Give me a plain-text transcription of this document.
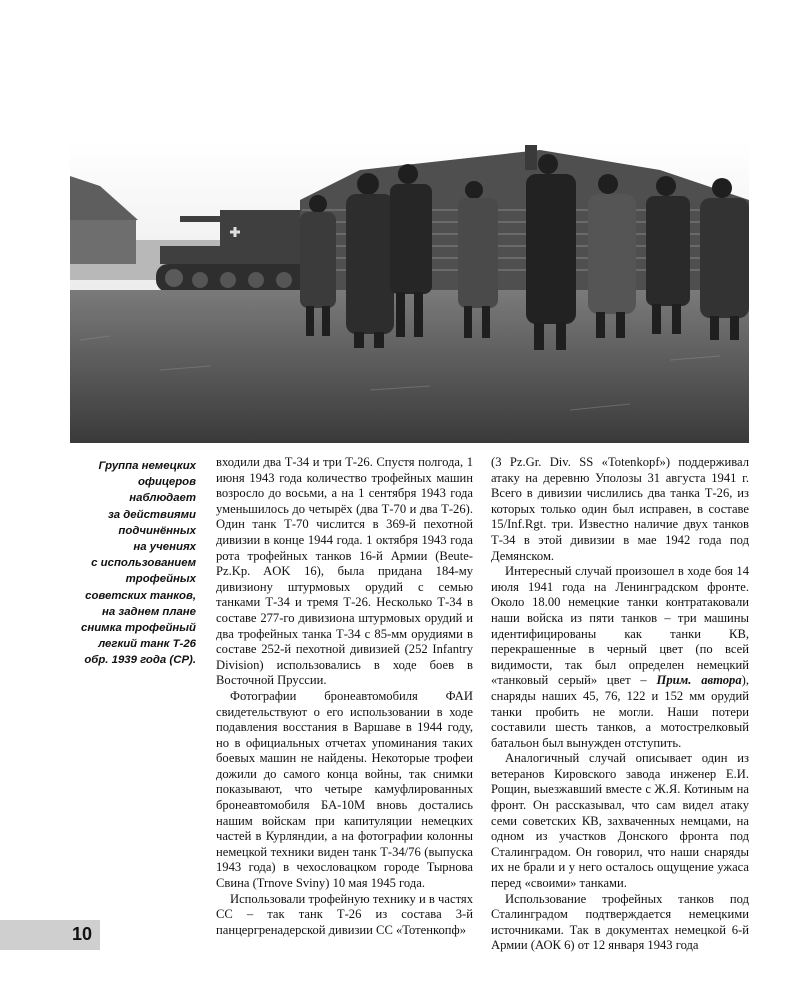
Группа немецких
офицеров
наблюдает
за действиями
подчинённых
на учениях
с использованием
трофейных
советских танков,
на заднем плане
снимка трофейный
легкий танк Т-26
обр. 1939 года (CP).

входили два Т-34 и три Т-26. Спустя полгода, 1 июня 1943 года количество трофейных машин возросло до восьми, а на 1 сентября 1943 года уменьшилось до четырёх (два Т-70 и два Т-26). Один танк Т-70 числится в 369-й пехотной дивизии в конце 1944 года. 1 октября 1943 года рота трофейных танков 16-й Армии (Beute-Pz.Kp. AOK 16), была придана 184-му дивизиону штурмовых орудий с семью танками Т-34 и тремя Т-26. Несколько Т-34 в составе 277-го дивизиона штурмовых орудий и два трофейных танка Т-34 с 85-мм орудиями в составе 252-й пехотной дивизией (252 Infantry Division) использовались в ходе боев в Восточной Пруссии.

Фотографии бронеавтомобиля ФАИ свидетельствуют о его использовании в ходе подавления восстания в Варшаве в 1944 году, но в официальных отчетах упоминания таких боевых машин не найдены. Некоторые трофеи дожили до самого конца войны, так снимки показывают, что четыре камуфлированных бронеавтомобиля БА-10М вновь достались нашим войскам при капитуляции немецких частей в Курляндии, а на фотографии колонны немецкой техники виден танк Т-34/76 (выпуска 1943 года) в чехословацком городе Тырнова Свина (Trnove Sviny) 10 мая 1945 года.

Использовали трофейную технику и в частях СС – так танк Т-26 из состава 3-й панцергренадерской дивизии СС «Тотенкопф»

(3 Pz.Gr. Div. SS «Totenkopf») поддерживал атаку на деревню Уполозы 31 августа 1941 г. Всего в дивизии числились два танка Т-26, из которых только один был исправен, в составе 15/Inf.Rgt. три. Известно наличие двух танков Т-34 в этой дивизии в мае 1942 года под Демянском.

Интересный случай произошел в ходе боя 14 июля 1941 года на Ленинградском фронте. Около 18.00 немецкие танки контратаковали наши войска из пяти танков – три машины идентифицированы как танки КВ, перекрашенные в черный цвет (по всей видимости, так был определен немецкий «танковый серый» цвет – Прим. автора), снаряды наших 45, 76, 122 и 152 мм орудий танки пробить не могли. Наши потери составили шесть танков, а мотострелковый батальон был вынужден отступить.

Аналогичный случай описывает один из ветеранов Кировского завода инженер Е.И. Рощин, выезжавший вместе с Ж.Я. Котиным на фронт. Он рассказывал, что сам видел атаку семи советских КВ, захваченных немцами, на одном из участков Донского фронта под Сталинградом. Он говорил, что наши снаряды их не брали и у него осталось ощущение ужаса перед «своими» танками.

Использование трофейных танков под Сталинградом подтверждается немецкими источниками. Так в документах немецкой 6-й Армии (АОК 6) от 12 января 1943 года

10
